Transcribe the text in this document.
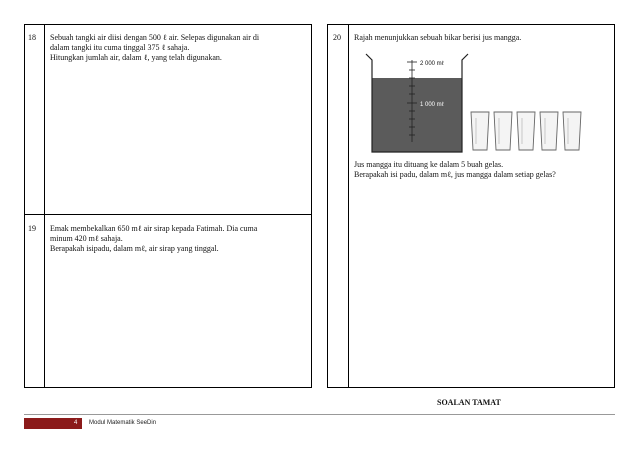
18 Sebuah tangki air diisi dengan 500 ℓ air. Selepas digunakan air di
dalam tangki itu cuma tinggal 375 ℓ sahaja.
Hitungkan jumlah air, dalam ℓ, yang telah digunakan.
19 Emak membekalkan 650 mℓ air sirap kepada Fatimah. Dia cuma
minum 420 mℓ sahaja.
Berapakah isipadu, dalam mℓ, air sirap yang tinggal.
20 Rajah menunjukkan sebuah bikar berisi jus mangga.
2 000 mℓ
1 000 mℓ
Jus mangga itu dituang ke dalam 5 buah gelas.
Berapakah isi padu, dalam mℓ, jus mangga dalam setiap gelas?
SOALAN TAMAT
4 Modul Matematik SeeDin
